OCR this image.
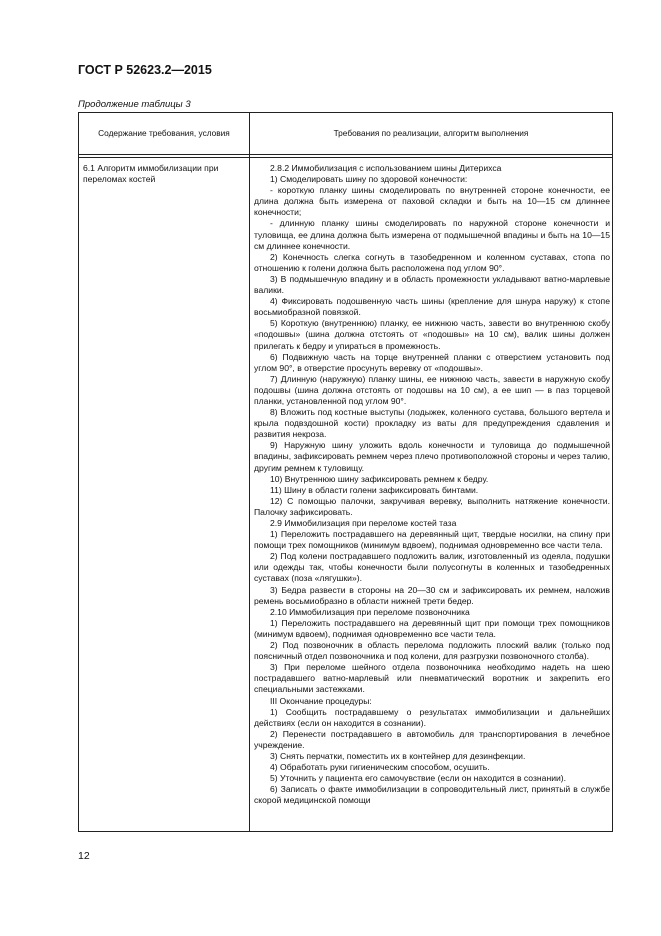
ГОСТ Р 52623.2—2015
Продолжение таблицы 3
Содержание требования, условия	Требования по реализации, алгоритм выполнения
6.1 Алгоритм иммобилизации при переломах костей

2.8.2 Иммобилизация с использованием шины Дитерихса

1) Смоделировать шину по здоровой конечности:

- короткую планку шины смоделировать по внутренней стороне конечности, ее длина должна быть измерена от паховой складки и быть на 10—15 см длиннее конечности;

- длинную планку шины смоделировать по наружной стороне конечности и туловища, ее длина должна быть измерена от подмышечной впадины и быть на 10—15 см длиннее конечности.

2) Конечность слегка согнуть в тазобедренном и коленном суставах, стопа по отношению к голени должна быть расположена под углом 90°.

3) В подмышечную впадину и в область промежности укладывают ватно-марлевые валики.

4) Фиксировать подошвенную часть шины (крепление для шнура наружу) к стопе восьмиобразной повязкой.

5) Короткую (внутреннюю) планку, ее нижнюю часть, завести во внутреннюю скобу «подошвы» (шина должна отстоять от «подошвы» на 10 см), валик шины должен прилегать к бедру и упираться в промежность.

6) Подвижную часть на торце внутренней планки с отверстием установить под углом 90°, в отверстие просунуть веревку от «подошвы».

7) Длинную (наружную) планку шины, ее нижнюю часть, завести в наружную скобу подошвы (шина должна отстоять от подошвы на 10 см), а ее шип — в паз торцевой планки, установленной под углом 90°.

8) Вложить под костные выступы (лодыжек, коленного сустава, большого вертела и крыла подвздошной кости) прокладку из ваты для предупреждения сдавления и развития некроза.

9) Наружную шину уложить вдоль конечности и туловища до подмышечной впадины, зафиксировать ремнем через плечо противоположной стороны и через талию, другим ремнем к туловищу.

10) Внутреннюю шину зафиксировать ремнем к бедру.

11) Шину в области голени зафиксировать бинтами.

12) С помощью палочки, закручивая веревку, выполнить натяжение конечности. Палочку зафиксировать.

2.9 Иммобилизация при переломе костей таза

1) Переложить пострадавшего на деревянный щит, твердые носилки, на спину при помощи трех помощников (минимум вдвоем), поднимая одновременно все части тела.

2) Под колени пострадавшего подложить валик, изготовленный из одеяла, подушки или одежды так, чтобы конечности были полусогнуты в коленных и тазобедренных суставах (поза «лягушки»).

3) Бедра развести в стороны на 20—30 см и зафиксировать их ремнем, наложив ремень восьмиобразно в области нижней трети бедер.

2.10 Иммобилизация при переломе позвоночника

1) Переложить пострадавшего на деревянный щит при помощи трех помощников (минимум вдвоем), поднимая одновременно все части тела.

2) Под позвоночник в область перелома подложить плоский валик (только под поясничный отдел позвоночника и под колени, для разгрузки позвоночного столба).

3) При переломе шейного отдела позвоночника необходимо надеть на шею пострадавшего ватно-марлевый или пневматический воротник и закрепить его специальными застежками.

III Окончание процедуры:

1) Сообщить пострадавшему о результатах иммобилизации и дальнейших действиях (если он находится в сознании).

2) Перенести пострадавшего в автомобиль для транспортирования в лечебное учреждение.

3) Снять перчатки, поместить их в контейнер для дезинфекции.

4) Обработать руки гигиеническим способом, осушить.

5) Уточнить у пациента его самочувствие (если он находится в сознании).

6) Записать о факте иммобилизации в сопроводительный лист, принятый в службе скорой медицинской помощи

12
